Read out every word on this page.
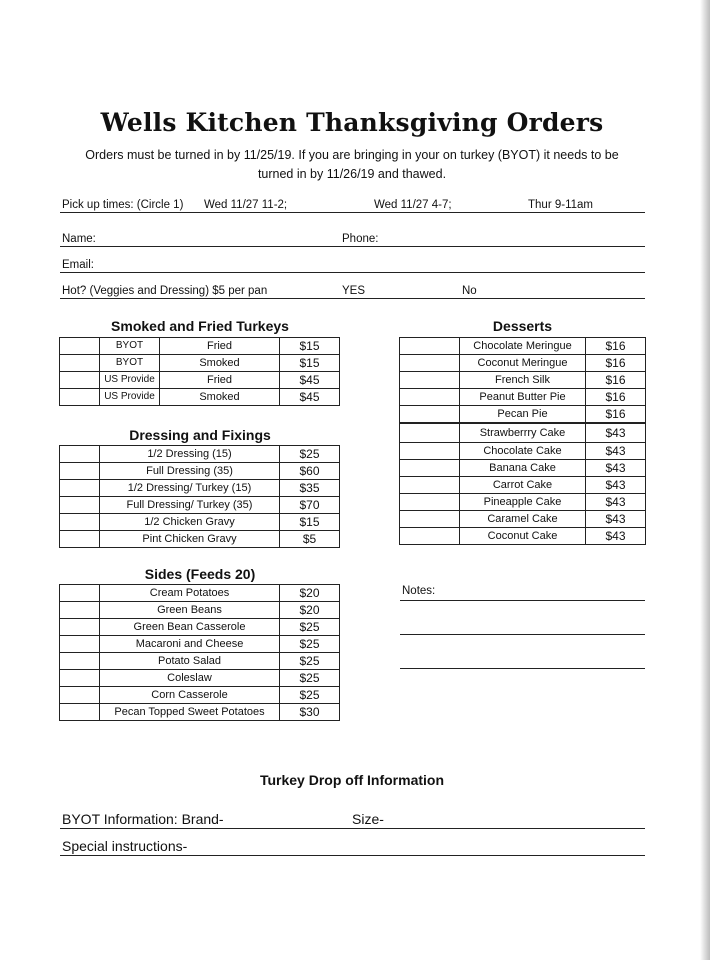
Wells Kitchen Thanksgiving Orders
Orders must be turned in by 11/25/19. If you are bringing in your on turkey (BYOT) it needs to be turned in by 11/26/19 and thawed.
Pick up times: (Circle 1) Wed 11/27 11-2;	Wed 11/27 4-7;	Thur 9-11am
Name:	Phone:
Email:
Hot? (Veggies and Dressing) $5 per pan	YES	No
Smoked and Fried Turkeys
	BYOT	Fried	$15
	BYOT	Smoked	$15
	US Provide	Fried	$45
	US Provide	Smoked	$45
Dressing and Fixings
	1/2 Dressing (15)	$25
	Full Dressing (35)	$60
	1/2 Dressing/ Turkey (15)	$35
	Full Dressing/ Turkey (35)	$70
	1/2 Chicken Gravy	$15
	Pint Chicken Gravy	$5
Sides (Feeds 20)
	Cream Potatoes	$20
	Green Beans	$20
	Green Bean Casserole	$25
	Macaroni and Cheese	$25
	Potato Salad	$25
	Coleslaw	$25
	Corn Casserole	$25
	Pecan Topped Sweet Potatoes	$30
Desserts
	Chocolate Meringue	$16
	Coconut Meringue	$16
	French Silk	$16
	Peanut Butter Pie	$16
	Pecan Pie	$16
	Strawberrry Cake	$43
	Chocolate Cake	$43
	Banana Cake	$43
	Carrot Cake	$43
	Pineapple Cake	$43
	Caramel Cake	$43
	Coconut Cake	$43
Notes:
Turkey Drop off Information
BYOT Information: Brand-	Size-
Special instructions-
